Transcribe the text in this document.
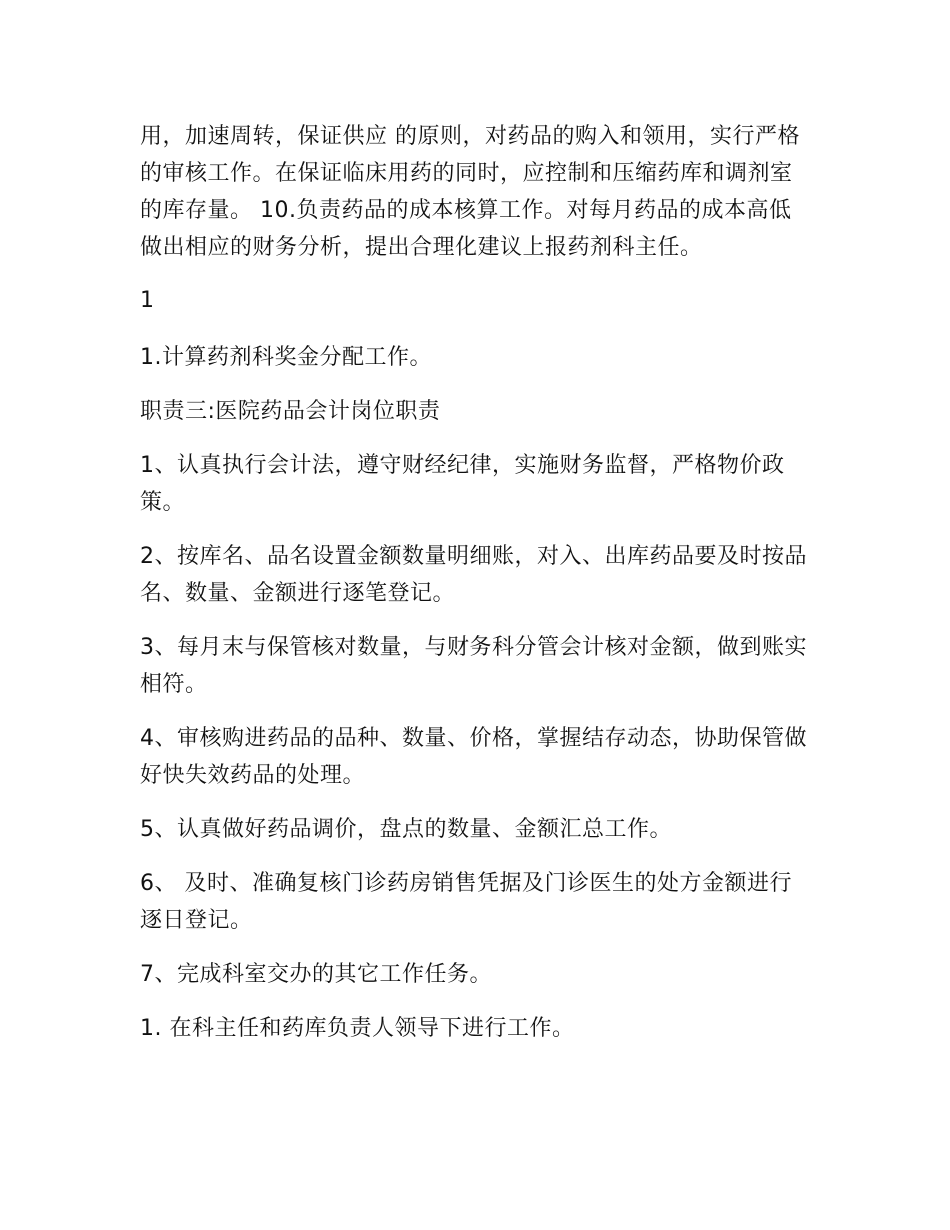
用，加速周转，保证供应 的原则，对药品的购入和领用，实行严格的审核工作。在保证临床用药的同时，应控制和压缩药库和调剂室的库存量。 10.负责药品的成本核算工作。对每月药品的成本高低做出相应的财务分析，提出合理化建议上报药剂科主任。

1

1.计算药剂科奖金分配工作。

职责三:医院药品会计岗位职责

1、认真执行会计法，遵守财经纪律，实施财务监督，严格物价政策。

2、按库名、品名设置金额数量明细账，对入、出库药品要及时按品名、数量、金额进行逐笔登记。

3、每月末与保管核对数量，与财务科分管会计核对金额，做到账实相符。

4、审核购进药品的品种、数量、价格，掌握结存动态，协助保管做好快失效药品的处理。

5、认真做好药品调价，盘点的数量、金额汇总工作。

6、 及时、准确复核门诊药房销售凭据及门诊医生的处方金额进行逐日登记。

7、完成科室交办的其它工作任务。

1. 在科主任和药库负责人领导下进行工作。
